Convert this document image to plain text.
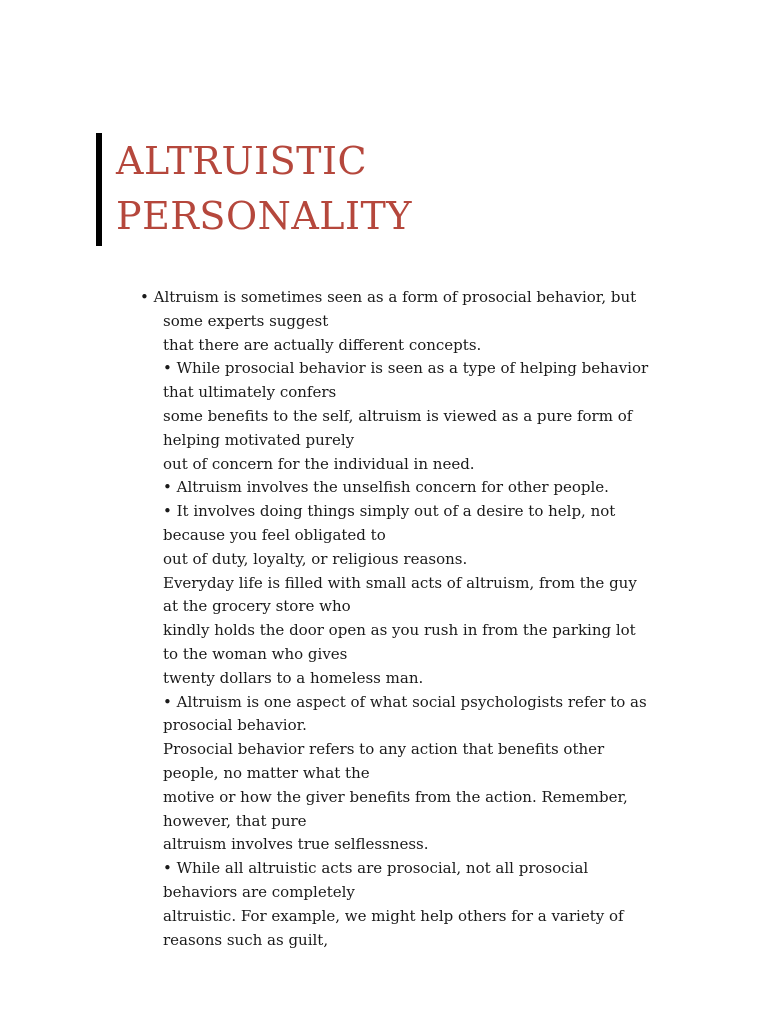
ALTRUISTIC
PERSONALITY
• Altruism is sometimes seen as a form of prosocial behavior, but
some experts suggest
that there are actually different concepts.
• While prosocial behavior is seen as a type of helping behavior
that ultimately confers
some benefits to the self, altruism is viewed as a pure form of
helping motivated purely
out of concern for the individual in need.
• Altruism involves the unselfish concern for other people.
• It involves doing things simply out of a desire to help, not
because you feel obligated to
out of duty, loyalty, or religious reasons.
Everyday life is filled with small acts of altruism, from the guy
at the grocery store who
kindly holds the door open as you rush in from the parking lot
to the woman who gives
twenty dollars to a homeless man.
• Altruism is one aspect of what social psychologists refer to as
prosocial behavior.
Prosocial behavior refers to any action that benefits other
people, no matter what the
motive or how the giver benefits from the action. Remember,
however, that pure
altruism involves true selflessness.
• While all altruistic acts are prosocial, not all prosocial
behaviors are completely
altruistic. For example, we might help others for a variety of
reasons such as guilt,
